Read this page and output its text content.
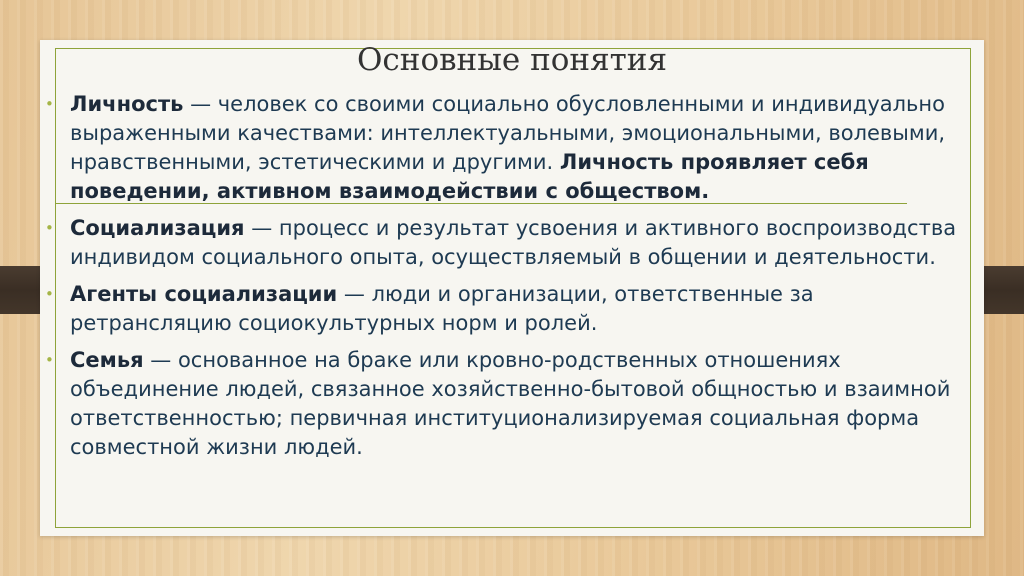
Основные понятия

• Личность — человек со своими социально обусловленными и индивидуально выраженными качествами: интеллектуальными, эмоциональными, волевыми, нравственными, эстетическими и другими. Личность проявляет себя поведении, активном взаимодействии с обществом.

• Социализация — процесс и результат усвоения и активного воспроизводства индивидом социального опыта, осуществляемый в общении и деятельности.

• Агенты социализации — люди и организации, ответственные за ретрансляцию социокультурных норм и ролей.

• Семья — основанное на браке или кровно-родственных отношениях объединение людей, связанное хозяйственно-бытовой общностью и взаимной ответственностью; первичная институционализируемая социальная форма совместной жизни людей.
